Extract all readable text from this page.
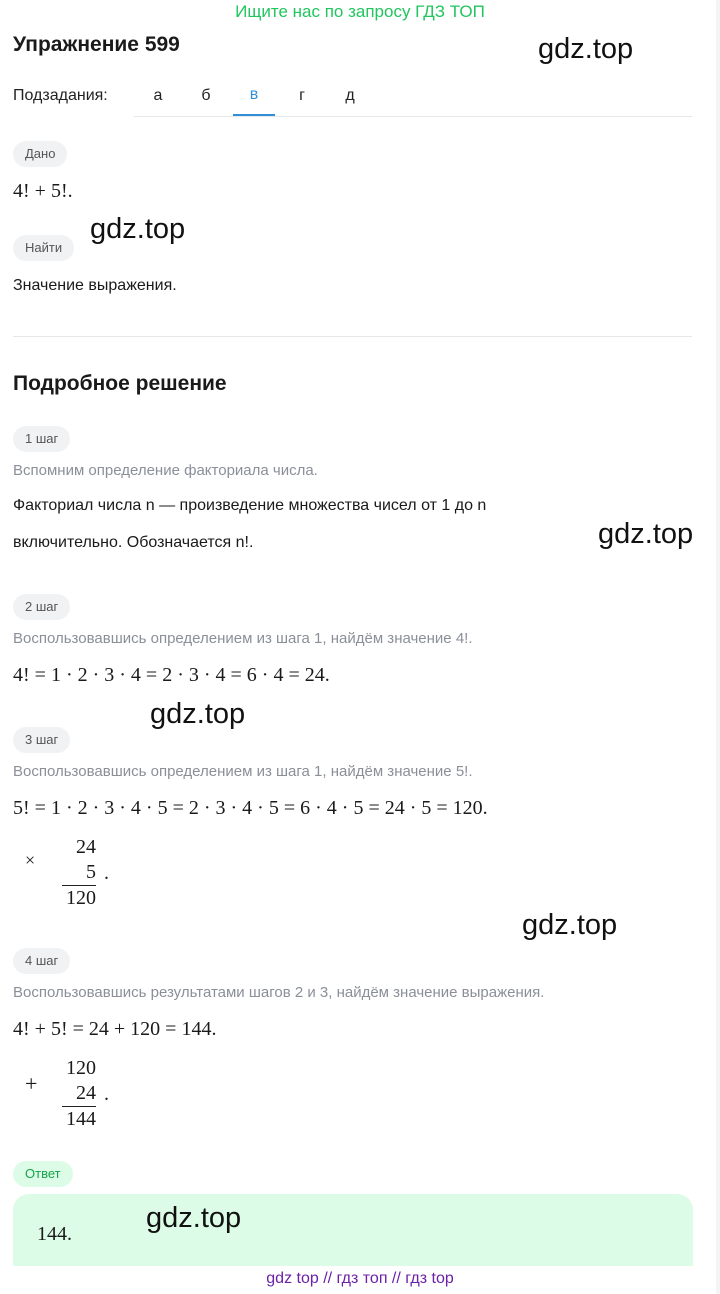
Ищите нас по запросу ГДЗ ТОП
Упражнение 599	gdz.top
Подзадания:	а	б	в	г	д
Дано
4! + 5!.
Найти
gdz.top
Значение выражения.
Подробное решение
1 шаг
Вспомним определение факториала числа.
Факториал числа n — произведение множества чисел от 1 до n
включительно. Обозначается n!.	gdz.top
2 шаг
Воспользовавшись определением из шага 1, найдём значение 4!.
4! = 1 · 2 · 3 · 4 = 2 · 3 · 4 = 6 · 4 = 24.
gdz.top
3 шаг
Воспользовавшись определением из шага 1, найдём значение 5!.
5! = 1 · 2 · 3 · 4 · 5 = 2 · 3 · 4 · 5 = 6 · 4 · 5 = 24 · 5 = 120.
×
24
5
120
.
gdz.top
4 шаг
Воспользовавшись результатами шагов 2 и 3, найдём значение выражения.
4! + 5! = 24 + 120 = 144.
+
120
24
144
.
Ответ
144.	gdz.top
gdz top // гдз топ // гдз top
